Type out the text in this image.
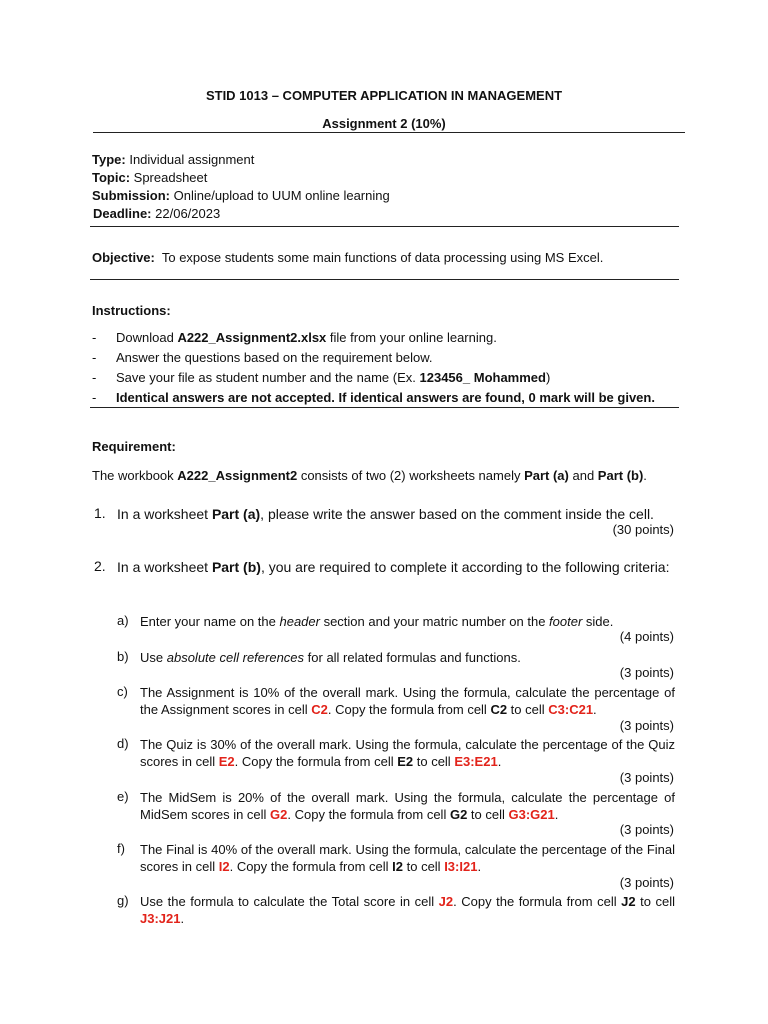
STID 1013 – COMPUTER APPLICATION IN MANAGEMENT
Assignment 2 (10%)
Type: Individual assignment
Topic: Spreadsheet
Submission: Online/upload to UUM online learning
Deadline: 22/06/2023
Objective: To expose students some main functions of data processing using MS Excel.
Instructions:
- Download A222_Assignment2.xlsx file from your online learning.
- Answer the questions based on the requirement below.
- Save your file as student number and the name (Ex. 123456_ Mohammed)
- Identical answers are not accepted. If identical answers are found, 0 mark will be given.
Requirement:
The workbook A222_Assignment2 consists of two (2) worksheets namely Part (a) and Part (b).
1. In a worksheet Part (a), please write the answer based on the comment inside the cell.
(30 points)
2. In a worksheet Part (b), you are required to complete it according to the following criteria:
a) Enter your name on the header section and your matric number on the footer side.
(4 points)
b) Use absolute cell references for all related formulas and functions.
(3 points)
c) The Assignment is 10% of the overall mark. Using the formula, calculate the percentage of the Assignment scores in cell C2. Copy the formula from cell C2 to cell C3:C21.
(3 points)
d) The Quiz is 30% of the overall mark. Using the formula, calculate the percentage of the Quiz scores in cell E2. Copy the formula from cell E2 to cell E3:E21.
(3 points)
e) The MidSem is 20% of the overall mark. Using the formula, calculate the percentage of MidSem scores in cell G2. Copy the formula from cell G2 to cell G3:G21.
(3 points)
f) The Final is 40% of the overall mark. Using the formula, calculate the percentage of the Final scores in cell I2. Copy the formula from cell I2 to cell I3:I21.
(3 points)
g) Use the formula to calculate the Total score in cell J2. Copy the formula from cell J2 to cell J3:J21.
